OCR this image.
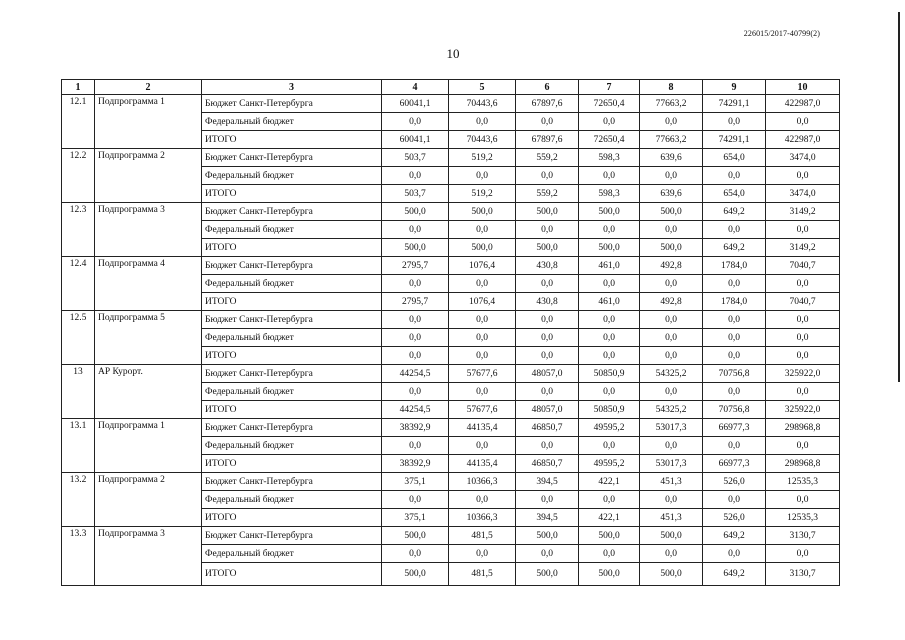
226015/2017-40799(2)
10
1	2	3	4	5	6	7	8	9	10
12.1	Подпрограмма 1	Бюджет Санкт-Петербурга	60041,1	70443,6	67897,6	72650,4	77663,2	74291,1	422987,0
		Федеральный бюджет	0,0	0,0	0,0	0,0	0,0	0,0	0,0
		ИТОГО	60041,1	70443,6	67897,6	72650,4	77663,2	74291,1	422987,0
12.2	Подпрограмма 2	Бюджет Санкт-Петербурга	503,7	519,2	559,2	598,3	639,6	654,0	3474,0
		Федеральный бюджет	0,0	0,0	0,0	0,0	0,0	0,0	0,0
		ИТОГО	503,7	519,2	559,2	598,3	639,6	654,0	3474,0
12.3	Подпрограмма 3	Бюджет Санкт-Петербурга	500,0	500,0	500,0	500,0	500,0	649,2	3149,2
		Федеральный бюджет	0,0	0,0	0,0	0,0	0,0	0,0	0,0
		ИТОГО	500,0	500,0	500,0	500,0	500,0	649,2	3149,2
12.4	Подпрограмма 4	Бюджет Санкт-Петербурга	2795,7	1076,4	430,8	461,0	492,8	1784,0	7040,7
		Федеральный бюджет	0,0	0,0	0,0	0,0	0,0	0,0	0,0
		ИТОГО	2795,7	1076,4	430,8	461,0	492,8	1784,0	7040,7
12.5	Подпрограмма 5	Бюджет Санкт-Петербурга	0,0	0,0	0,0	0,0	0,0	0,0	0,0
		Федеральный бюджет	0,0	0,0	0,0	0,0	0,0	0,0	0,0
		ИТОГО	0,0	0,0	0,0	0,0	0,0	0,0	0,0
13	АР Курорт.	Бюджет Санкт-Петербурга	44254,5	57677,6	48057,0	50850,9	54325,2	70756,8	325922,0
		Федеральный бюджет	0,0	0,0	0,0	0,0	0,0	0,0	0,0
		ИТОГО	44254,5	57677,6	48057,0	50850,9	54325,2	70756,8	325922,0
13.1	Подпрограмма 1	Бюджет Санкт-Петербурга	38392,9	44135,4	46850,7	49595,2	53017,3	66977,3	298968,8
		Федеральный бюджет	0,0	0,0	0,0	0,0	0,0	0,0	0,0
		ИТОГО	38392,9	44135,4	46850,7	49595,2	53017,3	66977,3	298968,8
13.2	Подпрограмма 2	Бюджет Санкт-Петербурга	375,1	10366,3	394,5	422,1	451,3	526,0	12535,3
		Федеральный бюджет	0,0	0,0	0,0	0,0	0,0	0,0	0,0
		ИТОГО	375,1	10366,3	394,5	422,1	451,3	526,0	12535,3
13.3	Подпрограмма 3	Бюджет Санкт-Петербурга	500,0	481,5	500,0	500,0	500,0	649,2	3130,7
		Федеральный бюджет	0,0	0,0	0,0	0,0	0,0	0,0	0,0
		ИТОГО	500,0	481,5	500,0	500,0	500,0	649,2	3130,7
